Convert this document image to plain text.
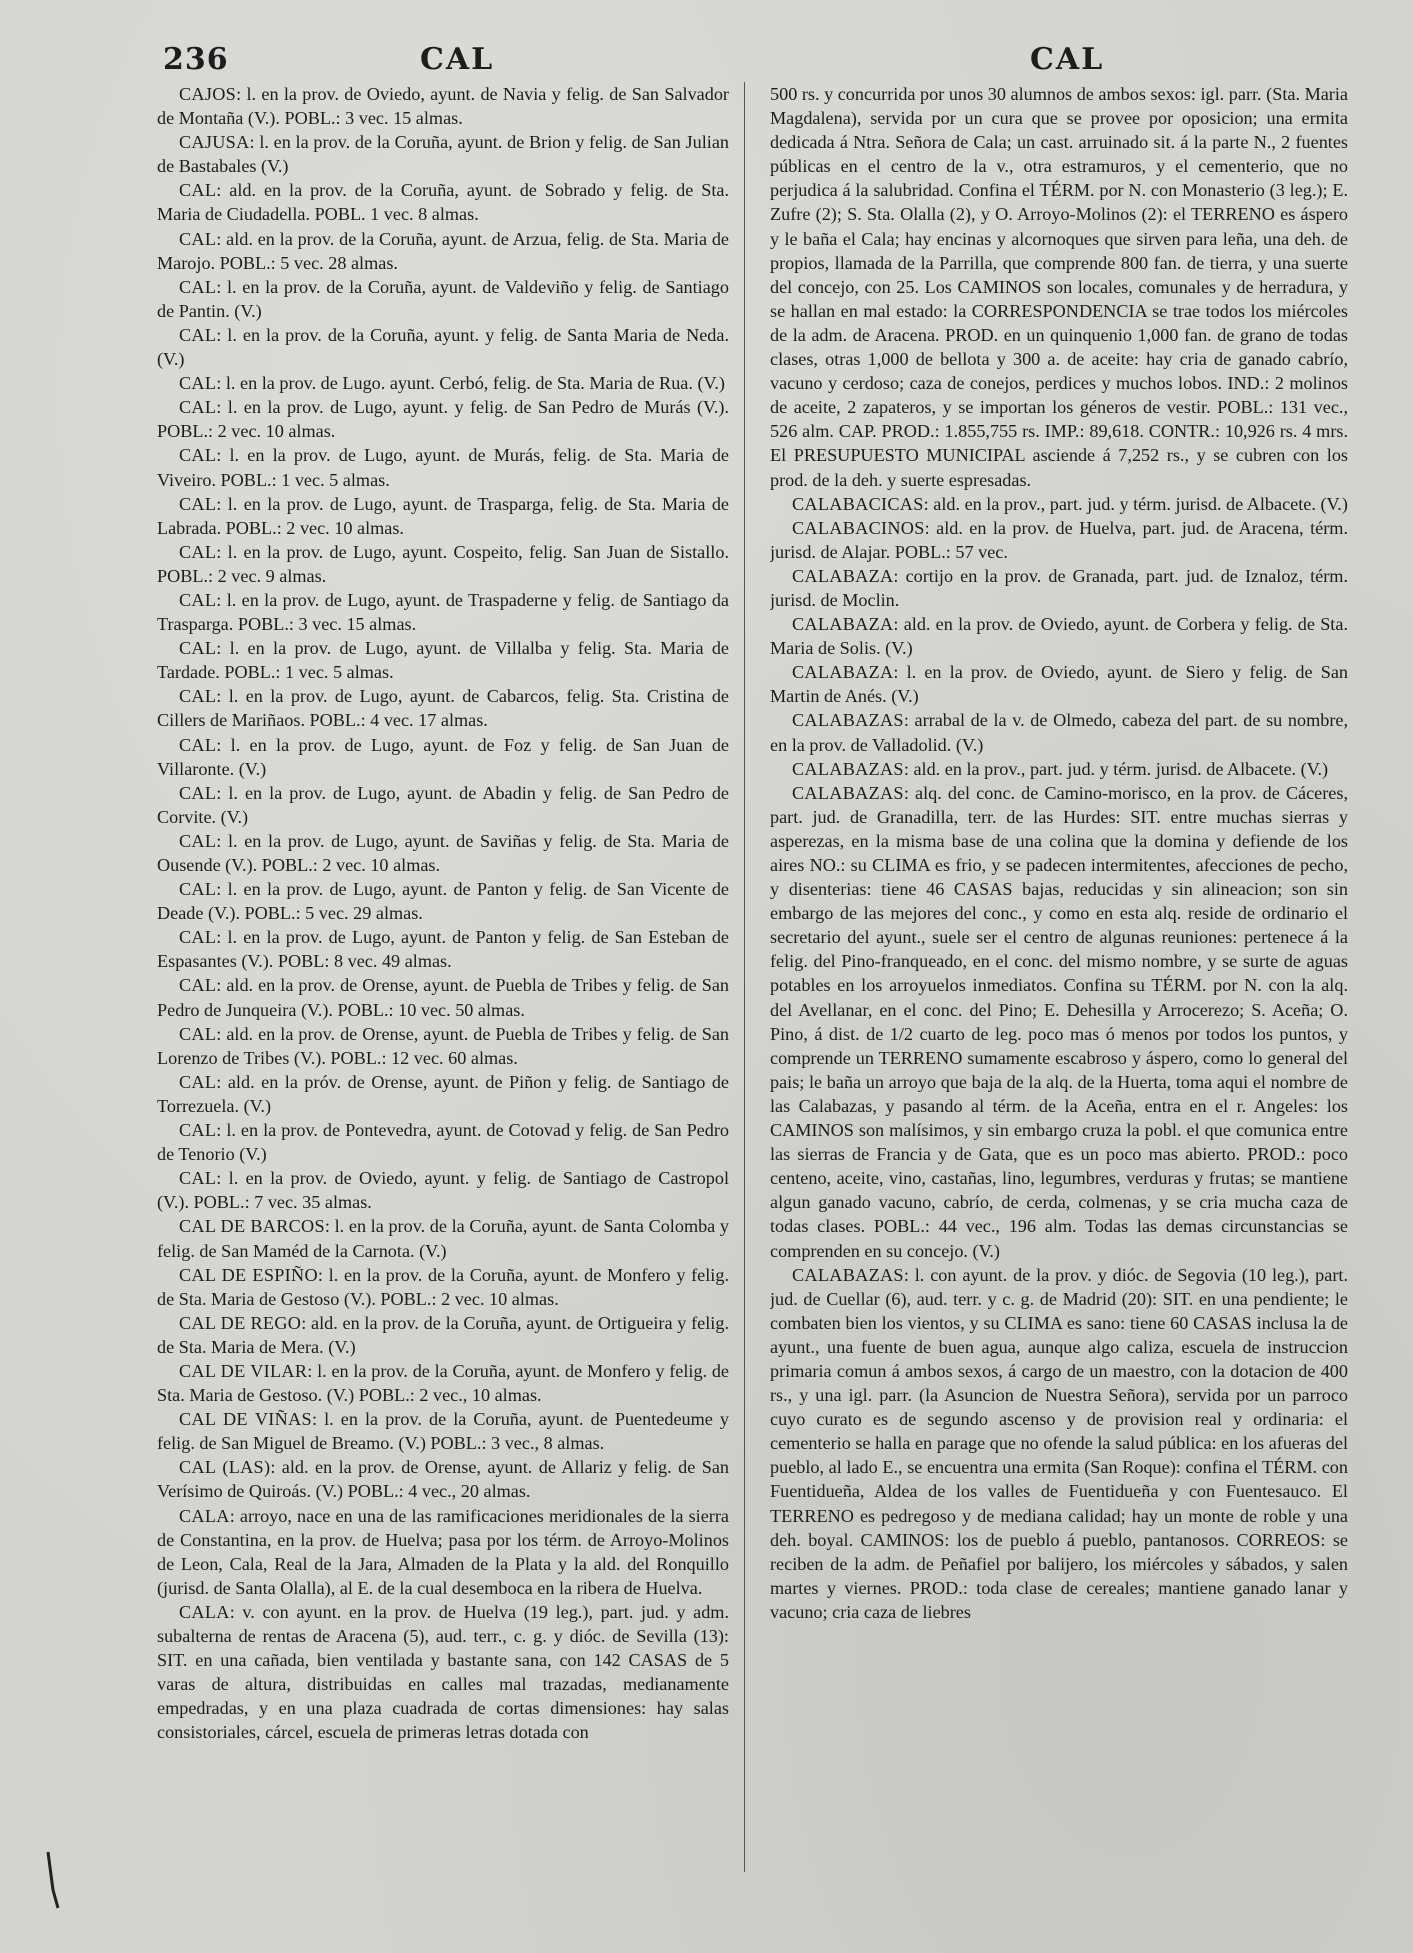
236	CAL	CAL

CAJOS: l. en la prov. de Oviedo, ayunt. de Navia y felig. de San Salvador de Montaña (V.). POBL.: 3 vec. 15 almas.

CAJUSA: l. en la prov. de la Coruña, ayunt. de Brion y felig. de San Julian de Bastabales (V.)

CAL: ald. en la prov. de la Coruña, ayunt. de Sobrado y felig. de Sta. Maria de Ciudadella. POBL. 1 vec. 8 almas.

CAL: ald. en la prov. de la Coruña, ayunt. de Arzua, felig. de Sta. Maria de Marojo. POBL.: 5 vec. 28 almas.

CAL: l. en la prov. de la Coruña, ayunt. de Valdeviño y felig. de Santiago de Pantin. (V.)

CAL: l. en la prov. de la Coruña, ayunt. y felig. de Santa Maria de Neda. (V.)

CAL: l. en la prov. de Lugo. ayunt. Cerbó, felig. de Sta. Maria de Rua. (V.)

CAL: l. en la prov. de Lugo, ayunt. y felig. de San Pedro de Murás (V.). POBL.: 2 vec. 10 almas.

CAL: l. en la prov. de Lugo, ayunt. de Murás, felig. de Sta. Maria de Viveiro. POBL.: 1 vec. 5 almas.

CAL: l. en la prov. de Lugo, ayunt. de Trasparga, felig. de Sta. Maria de Labrada. POBL.: 2 vec. 10 almas.

CAL: l. en la prov. de Lugo, ayunt. Cospeito, felig. San Juan de Sistallo. POBL.: 2 vec. 9 almas.

CAL: l. en la prov. de Lugo, ayunt. de Traspaderne y felig. de Santiago da Trasparga. POBL.: 3 vec. 15 almas.

CAL: l. en la prov. de Lugo, ayunt. de Villalba y felig. Sta. Maria de Tardade. POBL.: 1 vec. 5 almas.

CAL: l. en la prov. de Lugo, ayunt. de Cabarcos, felig. Sta. Cristina de Cillers de Mariñaos. POBL.: 4 vec. 17 almas.

CAL: l. en la prov. de Lugo, ayunt. de Foz y felig. de San Juan de Villaronte. (V.)

CAL: l. en la prov. de Lugo, ayunt. de Abadin y felig. de San Pedro de Corvite. (V.)

CAL: l. en la prov. de Lugo, ayunt. de Saviñas y felig. de Sta. Maria de Ousende (V.). POBL.: 2 vec. 10 almas.

CAL: l. en la prov. de Lugo, ayunt. de Panton y felig. de San Vicente de Deade (V.). POBL.: 5 vec. 29 almas.

CAL: l. en la prov. de Lugo, ayunt. de Panton y felig. de San Esteban de Espasantes (V.). POBL: 8 vec. 49 almas.

CAL: ald. en la prov. de Orense, ayunt. de Puebla de Tribes y felig. de San Pedro de Junqueira (V.). POBL.: 10 vec. 50 almas.

CAL: ald. en la prov. de Orense, ayunt. de Puebla de Tribes y felig. de San Lorenzo de Tribes (V.). POBL.: 12 vec. 60 almas.

CAL: ald. en la próv. de Orense, ayunt. de Piñon y felig. de Santiago de Torrezuela. (V.)

CAL: l. en la prov. de Pontevedra, ayunt. de Cotovad y felig. de San Pedro de Tenorio (V.)

CAL: l. en la prov. de Oviedo, ayunt. y felig. de Santiago de Castropol (V.). POBL.: 7 vec. 35 almas.

CAL DE BARCOS: l. en la prov. de la Coruña, ayunt. de Santa Colomba y felig. de San Maméd de la Carnota. (V.)

CAL DE ESPIÑO: l. en la prov. de la Coruña, ayunt. de Monfero y felig. de Sta. Maria de Gestoso (V.). POBL.: 2 vec. 10 almas.

CAL DE REGO: ald. en la prov. de la Coruña, ayunt. de Ortigueira y felig. de Sta. Maria de Mera. (V.)

CAL DE VILAR: l. en la prov. de la Coruña, ayunt. de Monfero y felig. de Sta. Maria de Gestoso. (V.) POBL.: 2 vec., 10 almas.

CAL DE VIÑAS: l. en la prov. de la Coruña, ayunt. de Puentedeume y felig. de San Miguel de Breamo. (V.) POBL.: 3 vec., 8 almas.

CAL (LAS): ald. en la prov. de Orense, ayunt. de Allariz y felig. de San Verísimo de Quiroás. (V.) POBL.: 4 vec., 20 almas.

CALA: arroyo, nace en una de las ramificaciones meridionales de la sierra de Constantina, en la prov. de Huelva; pasa por los térm. de Arroyo-Molinos de Leon, Cala, Real de la Jara, Almaden de la Plata y la ald. del Ronquillo (jurisd. de Santa Olalla), al E. de la cual desemboca en la ribera de Huelva.

CALA: v. con ayunt. en la prov. de Huelva (19 leg.), part. jud. y adm. subalterna de rentas de Aracena (5), aud. terr., c. g. y dióc. de Sevilla (13): SIT. en una cañada, bien ventilada y bastante sana, con 142 CASAS de 5 varas de altura, distribuidas en calles mal trazadas, medianamente empedradas, y en una plaza cuadrada de cortas dimensiones: hay salas consistoriales, cárcel, escuela de primeras letras dotada con

500 rs. y concurrida por unos 30 alumnos de ambos sexos: igl. parr. (Sta. Maria Magdalena), servida por un cura que se provee por oposicion; una ermita dedicada á Ntra. Señora de Cala; un cast. arruinado sit. á la parte N., 2 fuentes públicas en el centro de la v., otra estramuros, y el cementerio, que no perjudica á la salubridad. Confina el TÉRM. por N. con Monasterio (3 leg.); E. Zufre (2); S. Sta. Olalla (2), y O. Arroyo-Molinos (2): el TERRENO es áspero y le baña el Cala; hay encinas y alcornoques que sirven para leña, una deh. de propios, llamada de la Parrilla, que comprende 800 fan. de tierra, y una suerte del concejo, con 25. Los CAMINOS son locales, comunales y de herradura, y se hallan en mal estado: la CORRESPONDENCIA se trae todos los miércoles de la adm. de Aracena. PROD. en un quinquenio 1,000 fan. de grano de todas clases, otras 1,000 de bellota y 300 a. de aceite: hay cria de ganado cabrío, vacuno y cerdoso; caza de conejos, perdices y muchos lobos. IND.: 2 molinos de aceite, 2 zapateros, y se importan los géneros de vestir. POBL.: 131 vec., 526 alm. CAP. PROD.: 1.855,755 rs. IMP.: 89,618. CONTR.: 10,926 rs. 4 mrs. El PRESUPUESTO MUNICIPAL asciende á 7,252 rs., y se cubren con los prod. de la deh. y suerte espresadas.

CALABACICAS: ald. en la prov., part. jud. y térm. jurisd. de Albacete. (V.)

CALABACINOS: ald. en la prov. de Huelva, part. jud. de Aracena, térm. jurisd. de Alajar. POBL.: 57 vec.

CALABAZA: cortijo en la prov. de Granada, part. jud. de Iznaloz, térm. jurisd. de Moclin.

CALABAZA: ald. en la prov. de Oviedo, ayunt. de Corbera y felig. de Sta. Maria de Solis. (V.)

CALABAZA: l. en la prov. de Oviedo, ayunt. de Siero y felig. de San Martin de Anés. (V.)

CALABAZAS: arrabal de la v. de Olmedo, cabeza del part. de su nombre, en la prov. de Valladolid. (V.)

CALABAZAS: ald. en la prov., part. jud. y térm. jurisd. de Albacete. (V.)

CALABAZAS: alq. del conc. de Camino-morisco, en la prov. de Cáceres, part. jud. de Granadilla, terr. de las Hurdes: SIT. entre muchas sierras y asperezas, en la misma base de una colina que la domina y defiende de los aires NO.: su CLIMA es frio, y se padecen intermitentes, afecciones de pecho, y disenterias: tiene 46 CASAS bajas, reducidas y sin alineacion; son sin embargo de las mejores del conc., y como en esta alq. reside de ordinario el secretario del ayunt., suele ser el centro de algunas reuniones: pertenece á la felig. del Pino-franqueado, en el conc. del mismo nombre, y se surte de aguas potables en los arroyuelos inmediatos. Confina su TÉRM. por N. con la alq. del Avellanar, en el conc. del Pino; E. Dehesilla y Arrocerezo; S. Aceña; O. Pino, á dist. de 1/2 cuarto de leg. poco mas ó menos por todos los puntos, y comprende un TERRENO sumamente escabroso y áspero, como lo general del pais; le baña un arroyo que baja de la alq. de la Huerta, toma aqui el nombre de las Calabazas, y pasando al térm. de la Aceña, entra en el r. Angeles: los CAMINOS son malísimos, y sin embargo cruza la pobl. el que comunica entre las sierras de Francia y de Gata, que es un poco mas abierto. PROD.: poco centeno, aceite, vino, castañas, lino, legumbres, verduras y frutas; se mantiene algun ganado vacuno, cabrío, de cerda, colmenas, y se cria mucha caza de todas clases. POBL.: 44 vec., 196 alm. Todas las demas circunstancias se comprenden en su concejo. (V.)

CALABAZAS: l. con ayunt. de la prov. y dióc. de Segovia (10 leg.), part. jud. de Cuellar (6), aud. terr. y c. g. de Madrid (20): SIT. en una pendiente; le combaten bien los vientos, y su CLIMA es sano: tiene 60 CASAS inclusa la de ayunt., una fuente de buen agua, aunque algo caliza, escuela de instruccion primaria comun á ambos sexos, á cargo de un maestro, con la dotacion de 400 rs., y una igl. parr. (la Asuncion de Nuestra Señora), servida por un parroco cuyo curato es de segundo ascenso y de provision real y ordinaria: el cementerio se halla en parage que no ofende la salud pública: en los afueras del pueblo, al lado E., se encuentra una ermita (San Roque): confina el TÉRM. con Fuentidueña, Aldea de los valles de Fuentidueña y con Fuentesauco. El TERRENO es pedregoso y de mediana calidad; hay un monte de roble y una deh. boyal. CAMINOS: los de pueblo á pueblo, pantanosos. CORREOS: se reciben de la adm. de Peñafiel por balijero, los miércoles y sábados, y salen martes y viernes. PROD.: toda clase de cereales; mantiene ganado lanar y vacuno; cria caza de liebres
